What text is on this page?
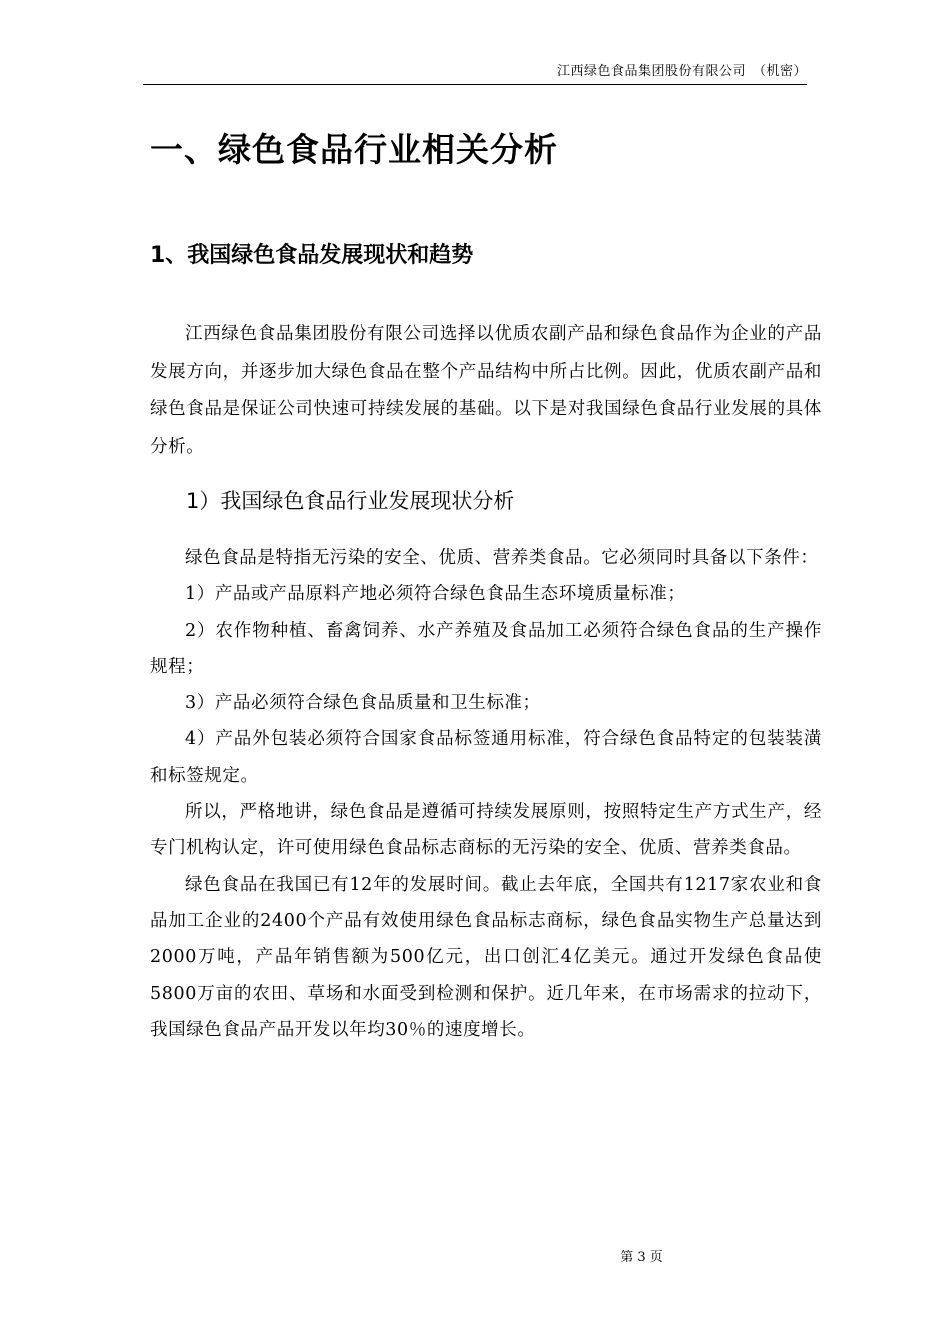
江西绿色食品集团股份有限公司　（机密）
一、绿色食品行业相关分析
1、我国绿色食品发展现状和趋势

江西绿色食品集团股份有限公司选择以优质农副产品和绿色食品作为企业的产品发展方向，并逐步加大绿色食品在整个产品结构中所占比例。因此，优质农副产品和绿色食品是保证公司快速可持续发展的基础。以下是对我国绿色食品行业发展的具体分析。

1）我国绿色食品行业发展现状分析

绿色食品是特指无污染的安全、优质、营养类食品。它必须同时具备以下条件：

1）产品或产品原料产地必须符合绿色食品生态环境质量标准；

2）农作物种植、畜禽饲养、水产养殖及食品加工必须符合绿色食品的生产操作规程；

3）产品必须符合绿色食品质量和卫生标准；

4）产品外包装必须符合国家食品标签通用标准，符合绿色食品特定的包装装潢和标签规定。

所以，严格地讲，绿色食品是遵循可持续发展原则，按照特定生产方式生产，经专门机构认定，许可使用绿色食品标志商标的无污染的安全、优质、营养类食品。

绿色食品在我国已有12年的发展时间。截止去年底，全国共有1217家农业和食品加工企业的2400个产品有效使用绿色食品标志商标，绿色食品实物生产总量达到2000万吨，产品年销售额为500亿元，出口创汇4亿美元。通过开发绿色食品使5800万亩的农田、草场和水面受到检测和保护。近几年来，在市场需求的拉动下，我国绿色食品产品开发以年均30％的速度增长。

第 3 页
